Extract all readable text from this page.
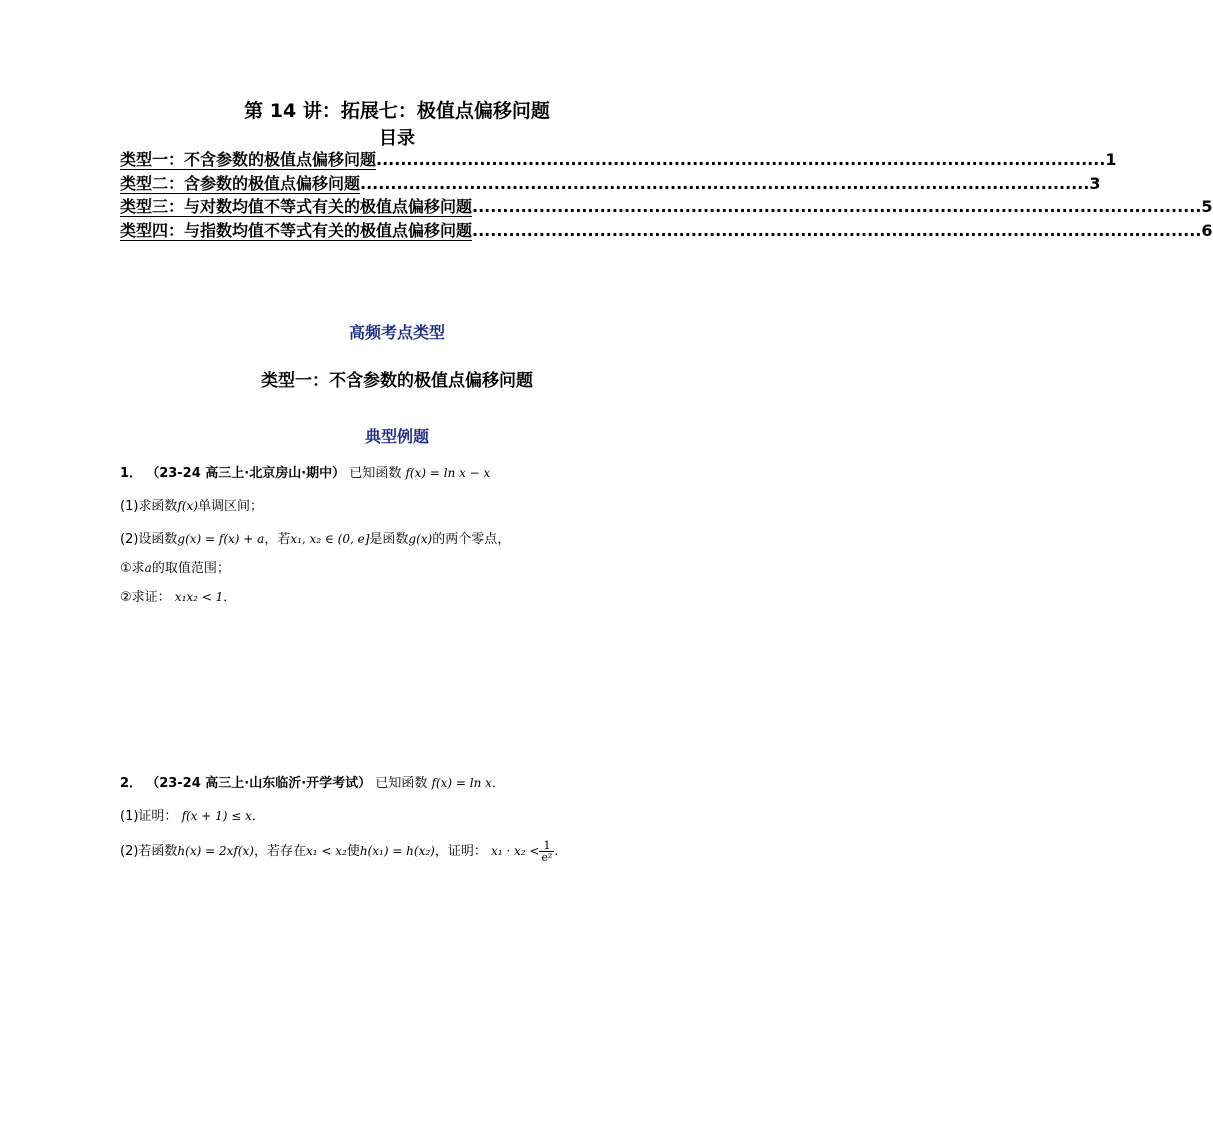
第 14 讲：拓展七：极值点偏移问题
目录
类型一：不含参数的极值点偏移问题 ........................................................................................................................ 1
类型二：含参数的极值点偏移问题 ........................................................................................................................ 3
类型三：与对数均值不等式有关的极值点偏移问题 ........................................................................................................................ 5
类型四：与指数均值不等式有关的极值点偏移问题 ........................................................................................................................ 6
高频考点类型
类型一：不含参数的极值点偏移问题
典型例题
1． （23-24 高三上·北京房山·期中） 已知函数 f(x) = ln x − x
(1)求函数f(x)单调区间；
(2)设函数g(x) = f(x) + a，若x₁, x₂ ∈ (0, e]是函数g(x)的两个零点，
①求a的取值范围；
②求证： x₁x₂ < 1．
2． （23-24 高三上·山东临沂·开学考试） 已知函数 f(x) = ln x．
(1)证明： f(x + 1) ≤ x．
(2)若函数h(x) = 2xf(x)，若存在x₁ < x₂使h(x₁) = h(x₂)，证明： $x_1 \cdot x_2 < \frac{1}{\text{e²}}$ ．
